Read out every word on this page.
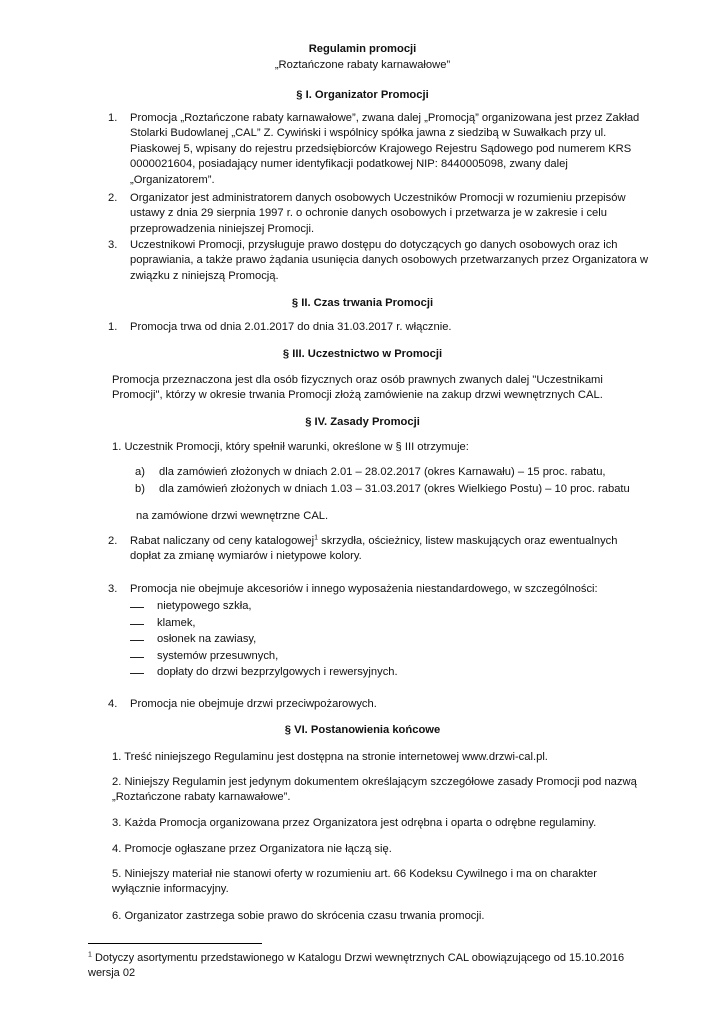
Regulamin promocji
„Roztańczone rabaty karnawałowe”
§ I. Organizator Promocji
1. Promocja „Roztańczone rabaty karnawałowe”, zwana dalej „Promocją” organizowana jest przez Zakład Stolarki Budowlanej „CAL” Z. Cywiński i wspólnicy spółka jawna z siedzibą w Suwałkach przy ul. Piaskowej 5, wpisany do rejestru przedsiębiorców Krajowego Rejestru Sądowego pod numerem KRS 0000021604, posiadający numer identyfikacji podatkowej NIP: 8440005098, zwany dalej „Organizatorem”.
2. Organizator jest administratorem danych osobowych Uczestników Promocji w rozumieniu przepisów ustawy z dnia 29 sierpnia 1997 r. o ochronie danych osobowych i przetwarza je w zakresie i celu przeprowadzenia niniejszej Promocji.
3. Uczestnikowi Promocji, przysługuje prawo dostępu do dotyczących go danych osobowych oraz ich poprawiania, a także prawo żądania usunięcia danych osobowych przetwarzanych przez Organizatora w związku z niniejszą Promocją.
§ II. Czas trwania Promocji
1. Promocja trwa od dnia 2.01.2017 do dnia 31.03.2017 r. włącznie.
§ III. Uczestnictwo w Promocji
Promocja przeznaczona jest dla osób fizycznych oraz osób prawnych zwanych dalej "Uczestnikami Promocji", którzy w okresie trwania Promocji złożą zamówienie na zakup drzwi wewnętrznych CAL.
§ IV. Zasady Promocji
1. Uczestnik Promocji, który spełnił warunki, określone w § III otrzymuje:
a) dla zamówień złożonych w dniach 2.01 – 28.02.2017 (okres Karnawału) – 15 proc. rabatu,
b) dla zamówień złożonych w dniach 1.03 – 31.03.2017 (okres Wielkiego Postu) – 10 proc. rabatu
na zamówione drzwi wewnętrzne CAL.
2. Rabat naliczany od ceny katalogowej$^1$ skrzydła, ościeżnicy, listew maskujących oraz ewentualnych dopłat za zmianę wymiarów i nietypowe kolory.
3. Promocja nie obejmuje akcesoriów i innego wyposażenia niestandardowego, w szczególności:
nietypowego szkła,
klamek,
osłonek na zawiasy,
systemów przesuwnych,
dopłaty do drzwi bezprzylgowych i rewersyjnych.
4. Promocja nie obejmuje drzwi przeciwpożarowych.
§ VI. Postanowienia końcowe
1. Treść niniejszego Regulaminu jest dostępna na stronie internetowej www.drzwi-cal.pl.
2. Niniejszy Regulamin jest jedynym dokumentem określającym szczegółowe zasady Promocji pod nazwą „Roztańczone rabaty karnawałowe”.
3. Każda Promocja organizowana przez Organizatora jest odrębna i oparta o odrębne regulaminy.
4. Promocje ogłaszane przez Organizatora nie łączą się.
5. Niniejszy materiał nie stanowi oferty w rozumieniu art. 66 Kodeksu Cywilnego i ma on charakter wyłącznie informacyjny.
6. Organizator zastrzega sobie prawo do skrócenia czasu trwania promocji.
$^1$ Dotyczy asortymentu przedstawionego w Katalogu Drzwi wewnętrznych CAL obowiązującego od 15.10.2016 wersja 02
